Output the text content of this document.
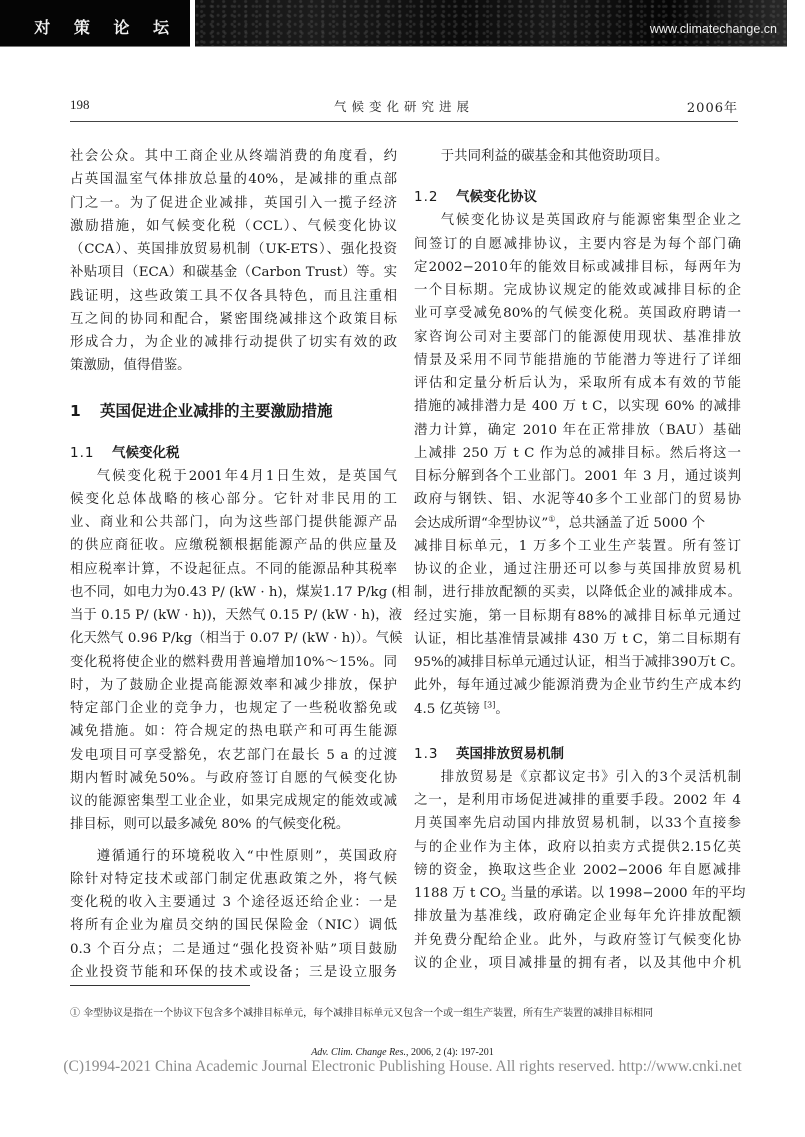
对 策 论 坛	www.climatechange.cn
198	气候变化研究进展	2006年
社会公众。其中工商企业从终端消费的角度看，约
占英国温室气体排放总量的40%，是减排的重点部
门之一。为了促进企业减排，英国引入一揽子经济
激励措施，如气候变化税（CCL）、气候变化协议
（CCA）、英国排放贸易机制（UK-ETS）、强化投资
补贴项目（ECA）和碳基金（Carbon Trust）等。实
践证明，这些政策工具不仅各具特色，而且注重相
互之间的协同和配合，紧密围绕减排这个政策目标
形成合力，为企业的减排行动提供了切实有效的政
策激励，值得借鉴。
1 英国促进企业减排的主要激励措施
1.1 气候变化税
气候变化税于2001年4月1日生效，是英国气
候变化总体战略的核心部分。它针对非民用的工
业、商业和公共部门，向为这些部门提供能源产品
的供应商征收。应缴税额根据能源产品的供应量及
相应税率计算，不设起征点。不同的能源品种其税率
也不同，如电力为0.43 P/ (kW · h)，煤炭1.17 P/kg (相
当于 0.15 P/ (kW · h))，天然气 0.15 P/ (kW · h)，液
化天然气 0.96 P/kg（相当于 0.07 P/ (kW · h)）。气候
变化税将使企业的燃料费用普遍增加10%～15%。同
时，为了鼓励企业提高能源效率和减少排放，保护
特定部门企业的竞争力，也规定了一些税收豁免或
减免措施。如：符合规定的热电联产和可再生能源
发电项目可享受豁免，农艺部门在最长 5 a 的过渡
期内暂时减免50%。与政府签订自愿的气候变化协
议的能源密集型工业企业，如果完成规定的能效或减
排目标，则可以最多减免 80% 的气候变化税。
遵循通行的环境税收入“中性原则”，英国政府
除针对特定技术或部门制定优惠政策之外，将气候
变化税的收入主要通过 3 个途径返还给企业：一是
将所有企业为雇员交纳的国民保险金（NIC）调低
0.3 个百分点；二是通过“强化投资补贴”项目鼓励
企业投资节能和环保的技术或设备；三是设立服务
于共同利益的碳基金和其他资助项目。
1.2 气候变化协议
气候变化协议是英国政府与能源密集型企业之
间签订的自愿减排协议，主要内容是为每个部门确
定2002−2010年的能效目标或减排目标，每两年为
一个目标期。完成协议规定的能效或减排目标的企
业可享受减免80%的气候变化税。英国政府聘请一
家咨询公司对主要部门的能源使用现状、基准排放
情景及采用不同节能措施的节能潜力等进行了详细
评估和定量分析后认为，采取所有成本有效的节能
措施的减排潜力是 400 万 t C，以实现 60% 的减排
潜力计算，确定 2010 年在正常排放（BAU）基础
上减排 250 万 t C 作为总的减排目标。然后将这一
目标分解到各个工业部门。2001 年 3 月，通过谈判
政府与钢铁、铝、水泥等40多个工业部门的贸易协
会达成所谓“伞型协议”①，总共涵盖了近 5000 个
减排目标单元，1 万多个工业生产装置。所有签订
协议的企业，通过注册还可以参与英国排放贸易机
制，进行排放配额的买卖，以降低企业的减排成本。
经过实施，第一目标期有88%的减排目标单元通过
认证，相比基准情景减排 430 万 t C，第二目标期有
95%的减排目标单元通过认证，相当于减排390万t C。
此外，每年通过减少能源消费为企业节约生产成本约
4.5 亿英镑 [3]。
1.3 英国排放贸易机制
排放贸易是《京都议定书》引入的3个灵活机制
之一，是利用市场促进减排的重要手段。2002 年 4
月英国率先启动国内排放贸易机制，以33个直接参
与的企业作为主体，政府以拍卖方式提供2.15亿英
镑的资金，换取这些企业 2002−2006 年自愿减排
1188 万 t $CO_2$ 当量的承诺。以 1998−2000 年的平均
排放量为基准线，政府确定企业每年允许排放配额
并免费分配给企业。此外，与政府签订气候变化协
议的企业，项目减排量的拥有者，以及其他中介机
① 伞型协议是指在一个协议下包含多个减排目标单元，每个减排目标单元又包含一个或一组生产装置，所有生产装置的减排目标相同
Adv. Clim. Change Res., 2006, 2 (4): 197-201
(C)1994-2021 China Academic Journal Electronic Publishing House. All rights reserved. http://www.cnki.net
